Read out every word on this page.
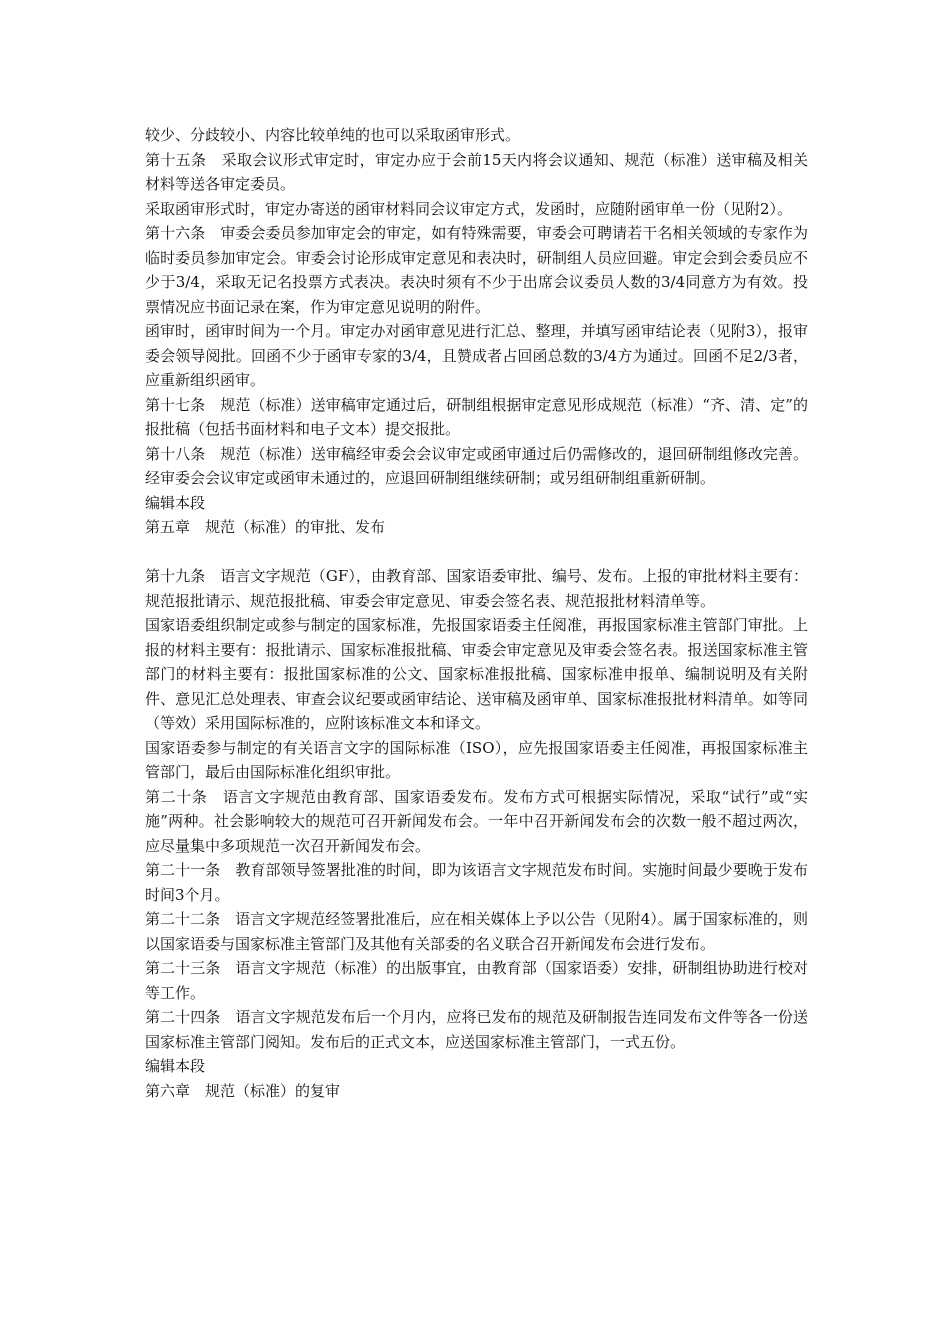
较少、分歧较小、内容比较单纯的也可以采取函审形式。

第十五条　采取会议形式审定时，审定办应于会前15天内将会议通知、规范（标准）送审稿及相关材料等送各审定委员。

采取函审形式时，审定办寄送的函审材料同会议审定方式，发函时，应随附函审单一份（见附2）。

第十六条　审委会委员参加审定会的审定，如有特殊需要，审委会可聘请若干名相关领域的专家作为临时委员参加审定会。审委会讨论形成审定意见和表决时，研制组人员应回避。审定会到会委员应不少于3/4，采取无记名投票方式表决。表决时须有不少于出席会议委员人数的3/4同意方为有效。投票情况应书面记录在案，作为审定意见说明的附件。

函审时，函审时间为一个月。审定办对函审意见进行汇总、整理，并填写函审结论表（见附3），报审委会领导阅批。回函不少于函审专家的3/4，且赞成者占回函总数的3/4方为通过。回函不足2/3者，应重新组织函审。

第十七条　规范（标准）送审稿审定通过后，研制组根据审定意见形成规范（标准）“齐、清、定”的报批稿（包括书面材料和电子文本）提交报批。

第十八条　规范（标准）送审稿经审委会会议审定或函审通过后仍需修改的，退回研制组修改完善。经审委会会议审定或函审未通过的，应退回研制组继续研制；或另组研制组重新研制。

编辑本段

第五章　规范（标准）的审批、发布

第十九条　语言文字规范（GF），由教育部、国家语委审批、编号、发布。上报的审批材料主要有：规范报批请示、规范报批稿、审委会审定意见、审委会签名表、规范报批材料清单等。

国家语委组织制定或参与制定的国家标准，先报国家语委主任阅准，再报国家标准主管部门审批。上报的材料主要有：报批请示、国家标准报批稿、审委会审定意见及审委会签名表。报送国家标准主管部门的材料主要有：报批国家标准的公文、国家标准报批稿、国家标准申报单、编制说明及有关附件、意见汇总处理表、审查会议纪要或函审结论、送审稿及函审单、国家标准报批材料清单。如等同（等效）采用国际标准的，应附该标准文本和译文。

国家语委参与制定的有关语言文字的国际标准（ISO），应先报国家语委主任阅准，再报国家标准主管部门，最后由国际标准化组织审批。

第二十条　语言文字规范由教育部、国家语委发布。发布方式可根据实际情况，采取“试行”或“实施”两种。社会影响较大的规范可召开新闻发布会。一年中召开新闻发布会的次数一般不超过两次，应尽量集中多项规范一次召开新闻发布会。

第二十一条　教育部领导签署批准的时间，即为该语言文字规范发布时间。实施时间最少要晚于发布时间3个月。

第二十二条　语言文字规范经签署批准后，应在相关媒体上予以公告（见附4）。属于国家标准的，则以国家语委与国家标准主管部门及其他有关部委的名义联合召开新闻发布会进行发布。

第二十三条　语言文字规范（标准）的出版事宜，由教育部（国家语委）安排，研制组协助进行校对等工作。

第二十四条　语言文字规范发布后一个月内，应将已发布的规范及研制报告连同发布文件等各一份送国家标准主管部门阅知。发布后的正式文本，应送国家标准主管部门，一式五份。

编辑本段

第六章　规范（标准）的复审
